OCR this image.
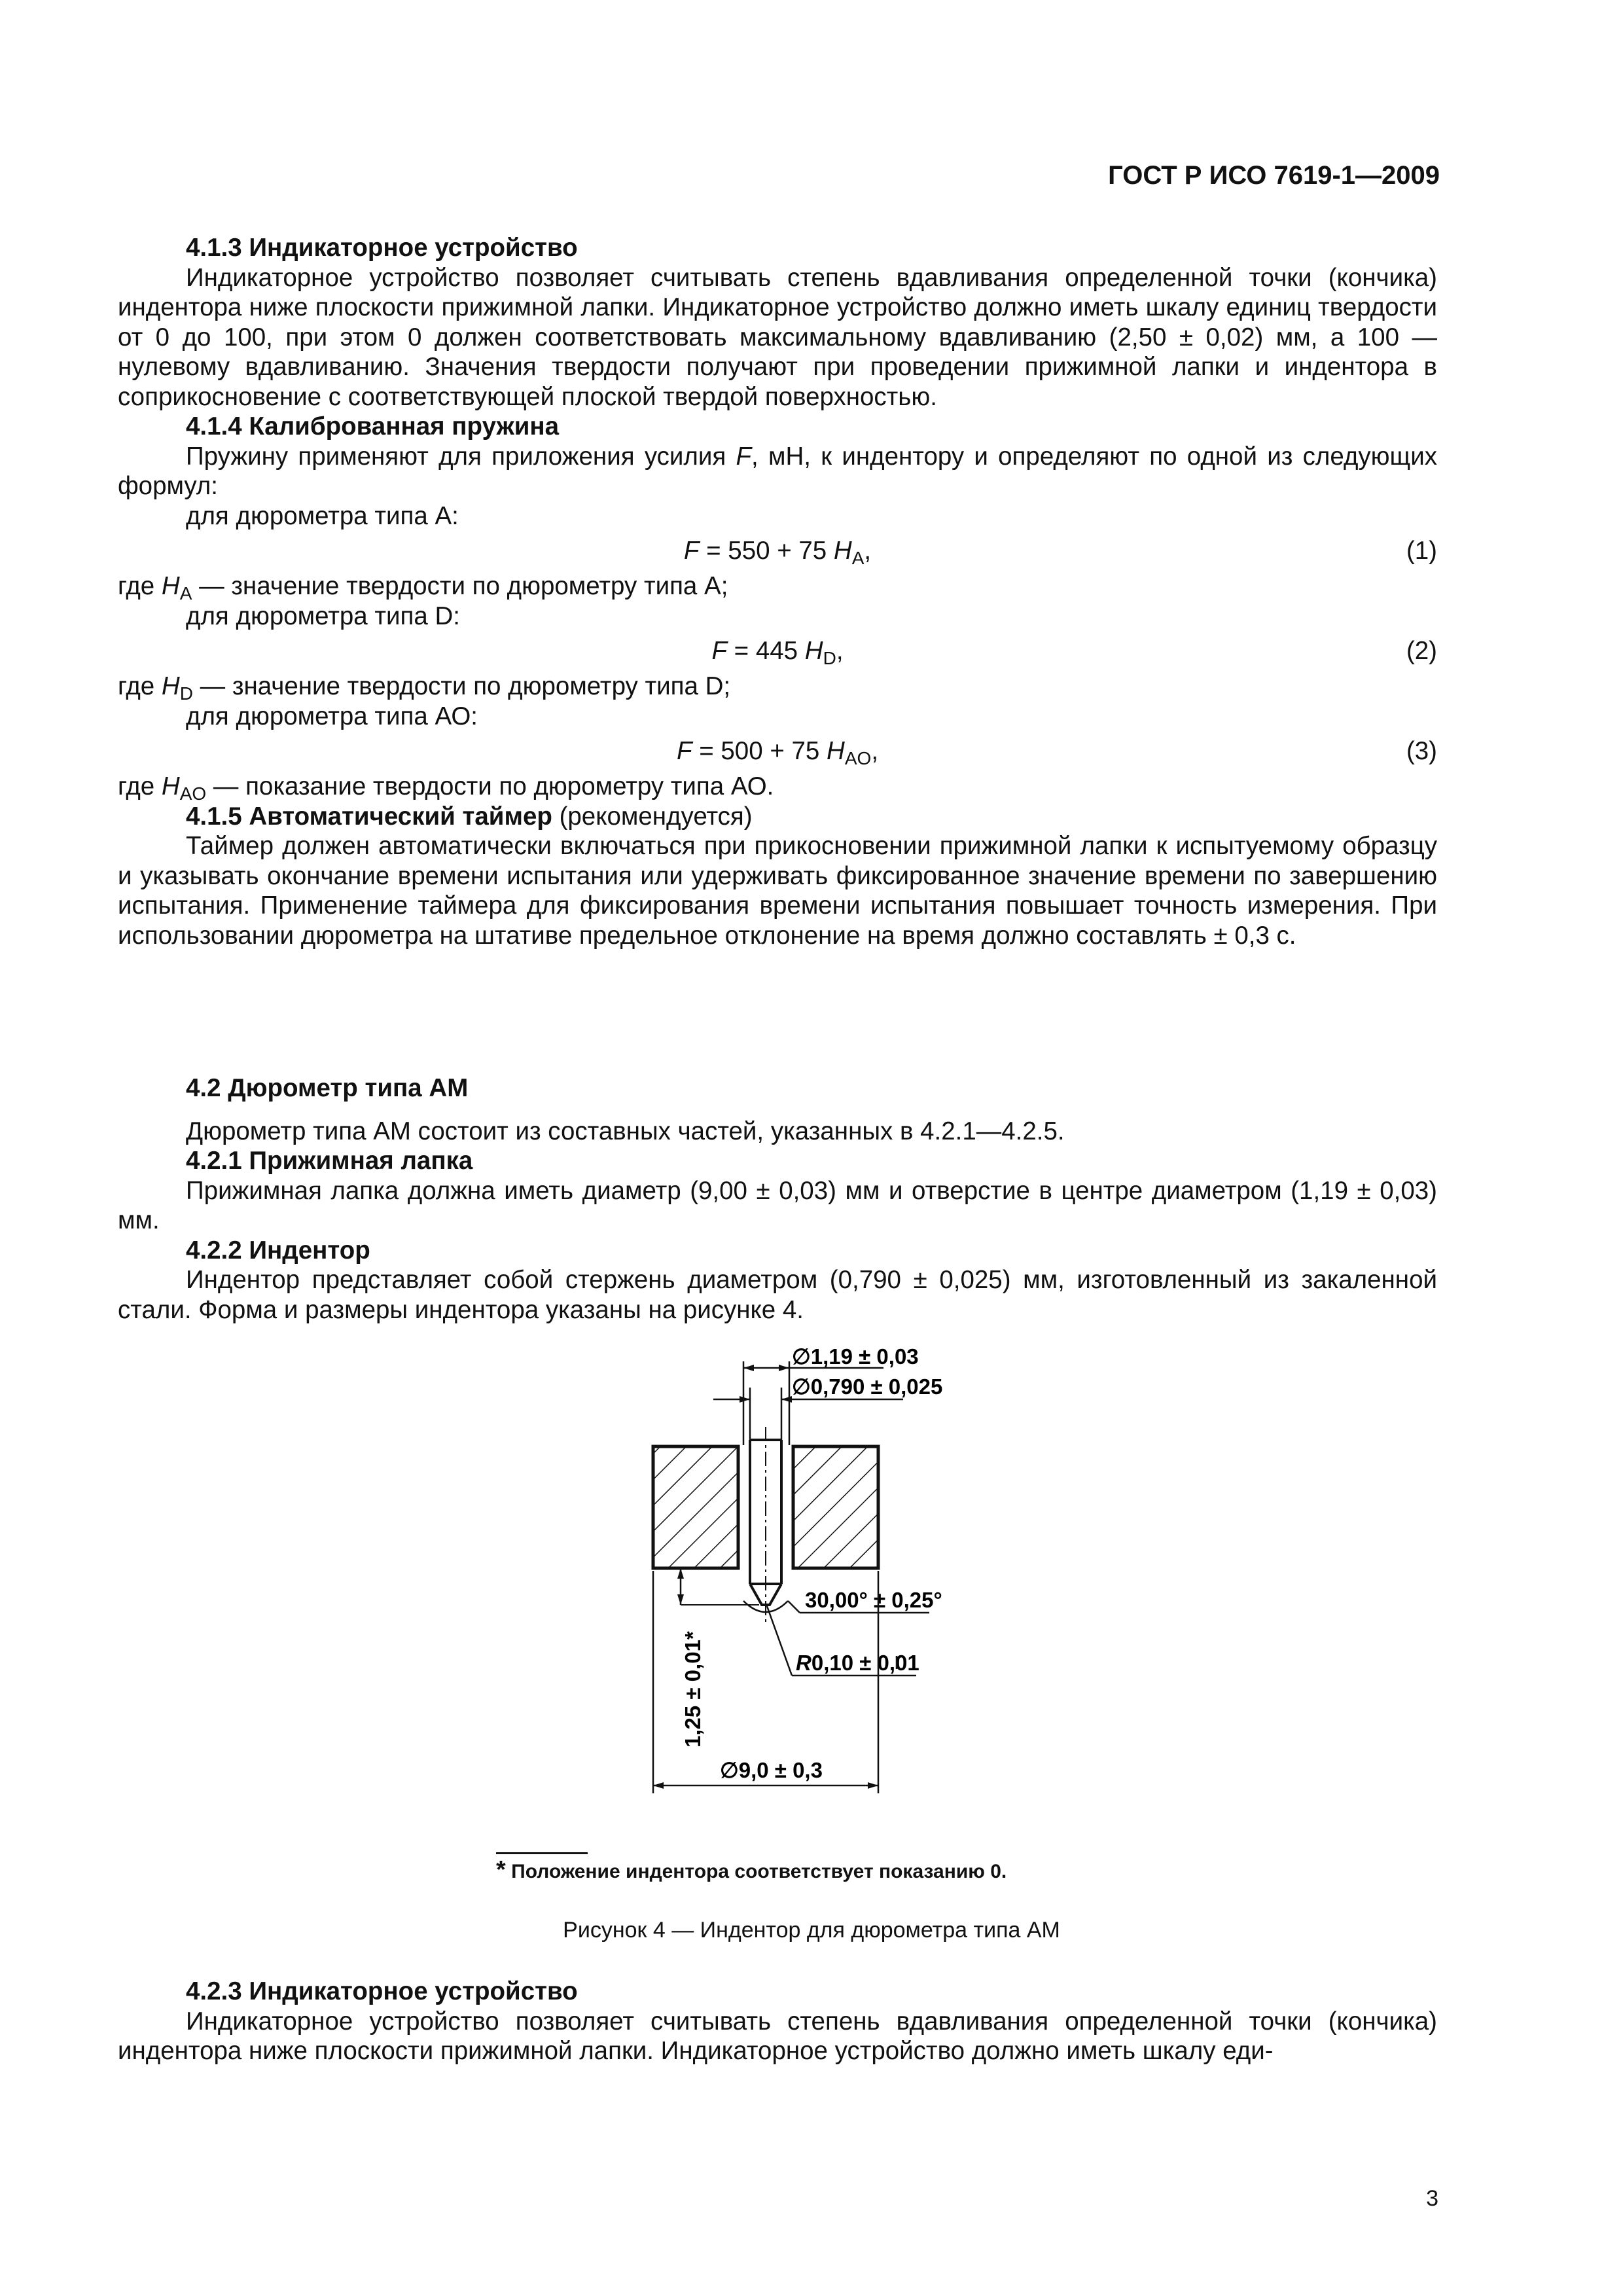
ГОСТ Р ИСО 7619-1—2009

4.1.3 Индикаторное устройство

Индикаторное устройство позволяет считывать степень вдавливания определенной точки (кончика) индентора ниже плоскости прижимной лапки. Индикаторное устройство должно иметь шкалу единиц твердости от 0 до 100, при этом 0 должен соответствовать максимальному вдавливанию (2,50 ± 0,02) мм, а 100 — нулевому вдавливанию. Значения твердости получают при проведении прижимной лапки и индентора в соприкосновение с соответствующей плоской твердой поверхностью.

4.1.4 Калиброванная пружина

Пружину применяют для приложения усилия F, мН, к индентору и определяют по одной из следующих формул:

для дюрометра типа А:

F = 550 + 75 $H_A$,	(1)

где $H_A$ — значение твердости по дюрометру типа А;

для дюрометра типа D:

F = 445 $H_D$,	(2)

где $H_D$ — значение твердости по дюрометру типа D;

для дюрометра типа АО:

F = 500 + 75 $H_{AO}$,	(3)

где $H_{AO}$ — показание твердости по дюрометру типа АО.

4.1.5 Автоматический таймер (рекомендуется)

Таймер должен автоматически включаться при прикосновении прижимной лапки к испытуемому образцу и указывать окончание времени испытания или удерживать фиксированное значение времени по завершению испытания. Применение таймера для фиксирования времени испытания повышает точность измерения. При использовании дюрометра на штативе предельное отклонение на время должно составлять ± 0,3 с.

4.2 Дюрометр типа АМ

Дюрометр типа АМ состоит из составных частей, указанных в 4.2.1—4.2.5.

4.2.1 Прижимная лапка

Прижимная лапка должна иметь диаметр (9,00 ± 0,03) мм и отверстие в центре диаметром (1,19 ± 0,03) мм.

4.2.2 Индентор

Индентор представляет собой стержень диаметром (0,790 ± 0,025) мм, изготовленный из закаленной стали. Форма и размеры индентора указаны на рисунке 4.

∅1,19 ± 0,03
∅0,790 ± 0,025
30,00° ± 0,25°
R0,10 ± 0,01
1,25 ± 0,01*
∅9,0 ± 0,3
* Положение индентора соответствует показанию 0.
Рисунок 4 — Индентор для дюрометра типа АМ

4.2.3 Индикаторное устройство

Индикаторное устройство позволяет считывать степень вдавливания определенной точки (кончика) индентора ниже плоскости прижимной лапки. Индикаторное устройство должно иметь шкалу еди-

3
